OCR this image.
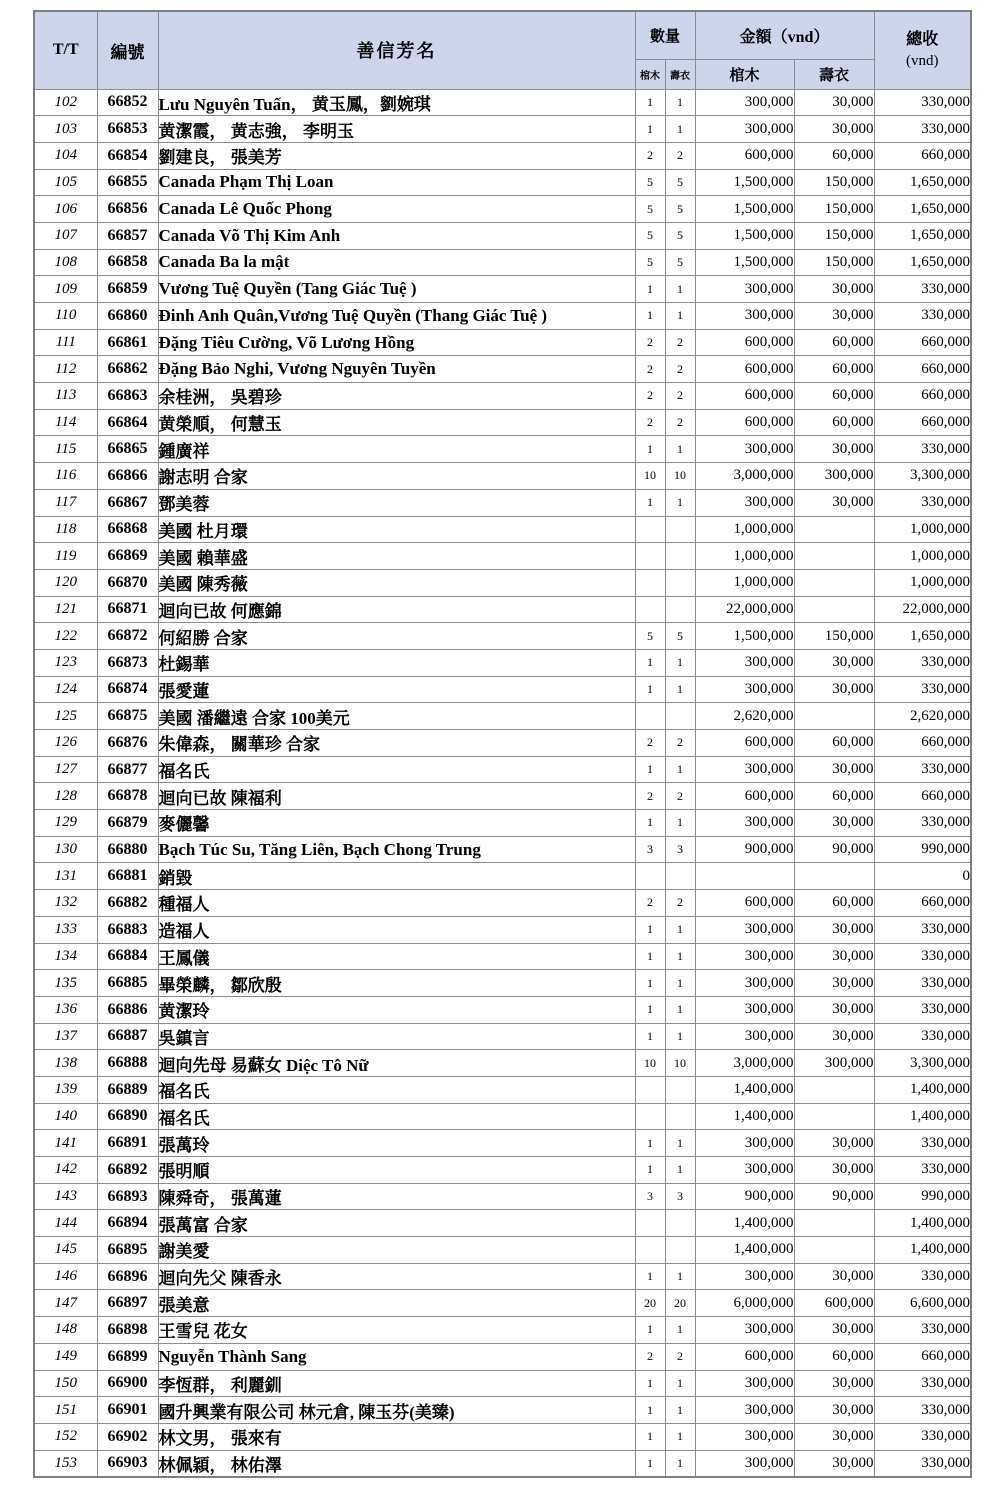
T/T	編號	善信芳名	數量		金額（vnd）		總收
(vnd)

			棺木	壽衣	棺木	壽衣	
102	66852	Lưu Nguyên Tuấn， 黄玉鳳，劉婉琪	1	1	300,000	30,000	330,000
103	66853	黄潔霞， 黄志強， 李明玉	1	1	300,000	30,000	330,000
104	66854	劉建良， 張美芳	2	2	600,000	60,000	660,000
105	66855	Canada Phạm Thị Loan	5	5	1,500,000	150,000	1,650,000
106	66856	Canada Lê Quốc Phong	5	5	1,500,000	150,000	1,650,000
107	66857	Canada Võ Thị Kim Anh	5	5	1,500,000	150,000	1,650,000
108	66858	Canada Ba la mật	5	5	1,500,000	150,000	1,650,000
109	66859	Vương Tuệ Quyền (Tang Giác Tuệ )	1	1	300,000	30,000	330,000
110	66860	Đinh Anh Quân,Vương Tuệ Quyền (Thang Giác Tuệ )	1	1	300,000	30,000	330,000
111	66861	Đặng Tiêu Cường, Võ Lương Hồng	2	2	600,000	60,000	660,000
112	66862	Đặng Bảo Nghi, Vương Nguyên Tuyền	2	2	600,000	60,000	660,000
113	66863	余桂洲， 吳碧珍	2	2	600,000	60,000	660,000
114	66864	黄榮順， 何慧玉	2	2	600,000	60,000	660,000
115	66865	鍾廣祥	1	1	300,000	30,000	330,000
116	66866	謝志明 合家	10	10	3,000,000	300,000	3,300,000
117	66867	鄧美蓉	1	1	300,000	30,000	330,000
118	66868	美國 杜月環			1,000,000		1,000,000
119	66869	美國 賴華盛			1,000,000		1,000,000
120	66870	美國 陳秀薇			1,000,000		1,000,000
121	66871	迴向已故 何應錦			22,000,000		22,000,000
122	66872	何紹勝 合家	5	5	1,500,000	150,000	1,650,000
123	66873	杜錫華	1	1	300,000	30,000	330,000
124	66874	張愛蓮	1	1	300,000	30,000	330,000
125	66875	美國 潘繼遠 合家 100美元			2,620,000		2,620,000
126	66876	朱偉森， 關華珍 合家	2	2	600,000	60,000	660,000
127	66877	福名氏	1	1	300,000	30,000	330,000
128	66878	迴向已故 陳福利	2	2	600,000	60,000	660,000
129	66879	麥儷馨	1	1	300,000	30,000	330,000
130	66880	Bạch Túc Su, Tăng Liên, Bạch Chong Trung	3	3	900,000	90,000	990,000
131	66881	銷毀					0
132	66882	種福人	2	2	600,000	60,000	660,000
133	66883	造福人	1	1	300,000	30,000	330,000
134	66884	王鳳儀	1	1	300,000	30,000	330,000
135	66885	畢榮麟， 鄒欣殷	1	1	300,000	30,000	330,000
136	66886	黄潔玲	1	1	300,000	30,000	330,000
137	66887	吳鎮言	1	1	300,000	30,000	330,000
138	66888	迴向先母 易蘇女 Diệc Tô Nữ	10	10	3,000,000	300,000	3,300,000
139	66889	福名氏			1,400,000		1,400,000
140	66890	福名氏			1,400,000		1,400,000
141	66891	張萬玲	1	1	300,000	30,000	330,000
142	66892	張明順	1	1	300,000	30,000	330,000
143	66893	陳舜奇， 張萬蓮	3	3	900,000	90,000	990,000
144	66894	張萬富 合家			1,400,000		1,400,000
145	66895	謝美愛			1,400,000		1,400,000
146	66896	迴向先父 陳香永	1	1	300,000	30,000	330,000
147	66897	張美意	20	20	6,000,000	600,000	6,600,000
148	66898	王雪兒 花女	1	1	300,000	30,000	330,000
149	66899	Nguyễn Thành Sang	2	2	600,000	60,000	660,000
150	66900	李恆群， 利麗釧	1	1	300,000	30,000	330,000
151	66901	國升興業有限公司 林元倉, 陳玉芬(美臻)	1	1	300,000	30,000	330,000
152	66902	林文男， 張來有	1	1	300,000	30,000	330,000
153	66903	林佩穎， 林佑澤	1	1	300,000	30,000	330,000
